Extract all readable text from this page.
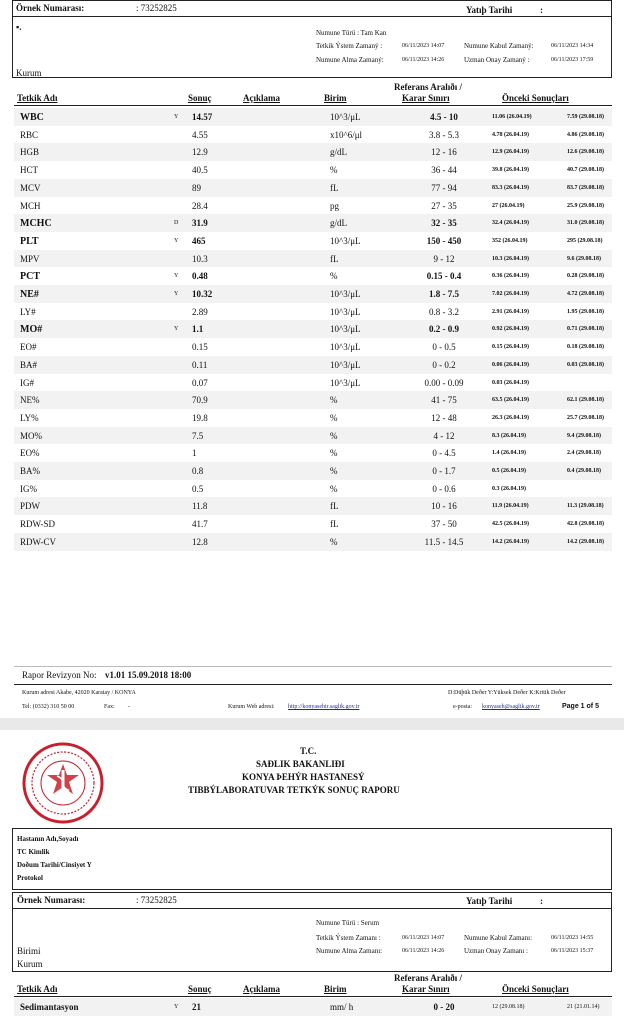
Örnek Numarası:	: 73252825	Yatıþ Tarihi	:
▪.
Numune Türü : Tam Kan
Tetkik Ýstem Zamaný :	06/11/2023 14:07	Numune Kabul Zamaný:	06/11/2023 14:34
Numune Alma Zamaný:	06/11/2023 14:26	Uzman Onay Zamaný :	06/11/2023 17:59
Kurum
Tetkik Adı	Sonuç	Açıklama	Birim
Referans Aralıðı /
Karar Sınırı	Önceki Sonuçları
WBC	Y 14.57	10^3/μL	4.5 - 10	11.06 (26.04.19)	7.59 (29.08.18)
RBC	4.55	x10^6/μl	3.8 - 5.3	4.78 (26.04.19)	4.86 (29.08.18)
HGB	12.9	g/dL	12 - 16	12.9 (26.04.19)	12.6 (29.08.18)
HCT	40.5	%	36 - 44	39.8 (26.04.19)	40.7 (29.08.18)
MCV	89	fL	77 - 94	83.3 (26.04.19)	83.7 (29.08.18)
MCH	28.4	pg	27 - 35	27 (26.04.19)	25.9 (29.08.18)
MCHC	D 31.9	g/dL	32 - 35	32.4 (26.04.19)	31.0 (29.08.18)
PLT	Y 465	10^3/μL	150 - 450	352 (26.04.19)	295 (29.08.18)
MPV	10.3	fL	9 - 12	10.3 (26.04.19)	9.6 (29.08.18)
PCT	Y 0.48	%	0.15 - 0.4	0.36 (26.04.19)	0.28 (29.08.18)
NE#	Y 10.32	10^3/μL	1.8 - 7.5	7.02 (26.04.19)	4.72 (29.08.18)
LY#	2.89	10^3/μL	0.8 - 3.2	2.91 (26.04.19)	1.95 (29.08.18)
MO#	Y 1.1	10^3/μL	0.2 - 0.9	0.92 (26.04.19)	0.71 (29.08.18)
EO#	0.15	10^3/μL	0 - 0.5	0.15 (26.04.19)	0.18 (29.08.18)
BA#	0.11	10^3/μL	0 - 0.2	0.06 (26.04.19)	0.03 (29.08.18)
IG#	0.07	10^3/μL	0.00 - 0.09	0.03 (26.04.19)
NE%	70.9	%	41 - 75	63.5 (26.04.19)	62.1 (29.08.18)
LY%	19.8	%	12 - 48	26.3 (26.04.19)	25.7 (29.08.18)
MO%	7.5	%	4 - 12	8.3 (26.04.19)	9.4 (29.08.18)
EO%	1	%	0 - 4.5	1.4 (26.04.19)	2.4 (29.08.18)
BA%	0.8	%	0 - 1.7	0.5 (26.04.19)	0.4 (29.08.18)
IG%	0.5	%	0 - 0.6	0.3 (26.04.19)
PDW	11.8	fL	10 - 16	11.9 (26.04.19)	11.3 (29.08.18)
RDW-SD	41.7	fL	37 - 50	42.5 (26.04.19)	42.8 (29.08.18)
RDW-CV	12.8	%	11.5 - 14.5	14.2 (26.04.19)	14.2 (29.08.18)
Rapor Revizyon No: v1.01 15.09.2018 18:00
Kurum adresi Akabe, 42020 Karatay / KONYA	D:Düþük Deðer Y:Yüksek Deðer K:Kritik Deðer
Tel: (0332) 310 50 00	Fax: -	Kurum Web adresi: http://konyasehir.saglik.gov.tr	e-posta: konyaseh@saglik.gov.tr	Page 1 of 5
T.C.
SAÐLIK BAKANLIÐI
KONYA ÞEHÝR HASTANESÝ
TIBBÝLABORATUVAR TETKÝK SONUÇ RAPORU
Hastanın Adı,Soyadı
TC Kimlik
Doðum Tarihi/Cinsiyet Y
Protokol
Örnek Numarası:	: 73252825	Yatıþ Tarihi	:
Numune Türü : Serum
Tetkik Ýstem Zamanı :	06/11/2023 14:07	Numune Kabul Zamanı:	06/11/2023 14:55
Numune Alma Zamanı:	06/11/2023 14:26	Uzman Onay Zamanı :	06/11/2023 15:37
Birimi
Kurum
Tetkik Adı	Sonuç	Açıklama	Birim
Referans Aralıðı /
Karar Sınırı	Önceki Sonuçları
Sedimantasyon	Y 21	mm/ h	0 - 20	12 (29.08.18)	21 (21.01.14)
